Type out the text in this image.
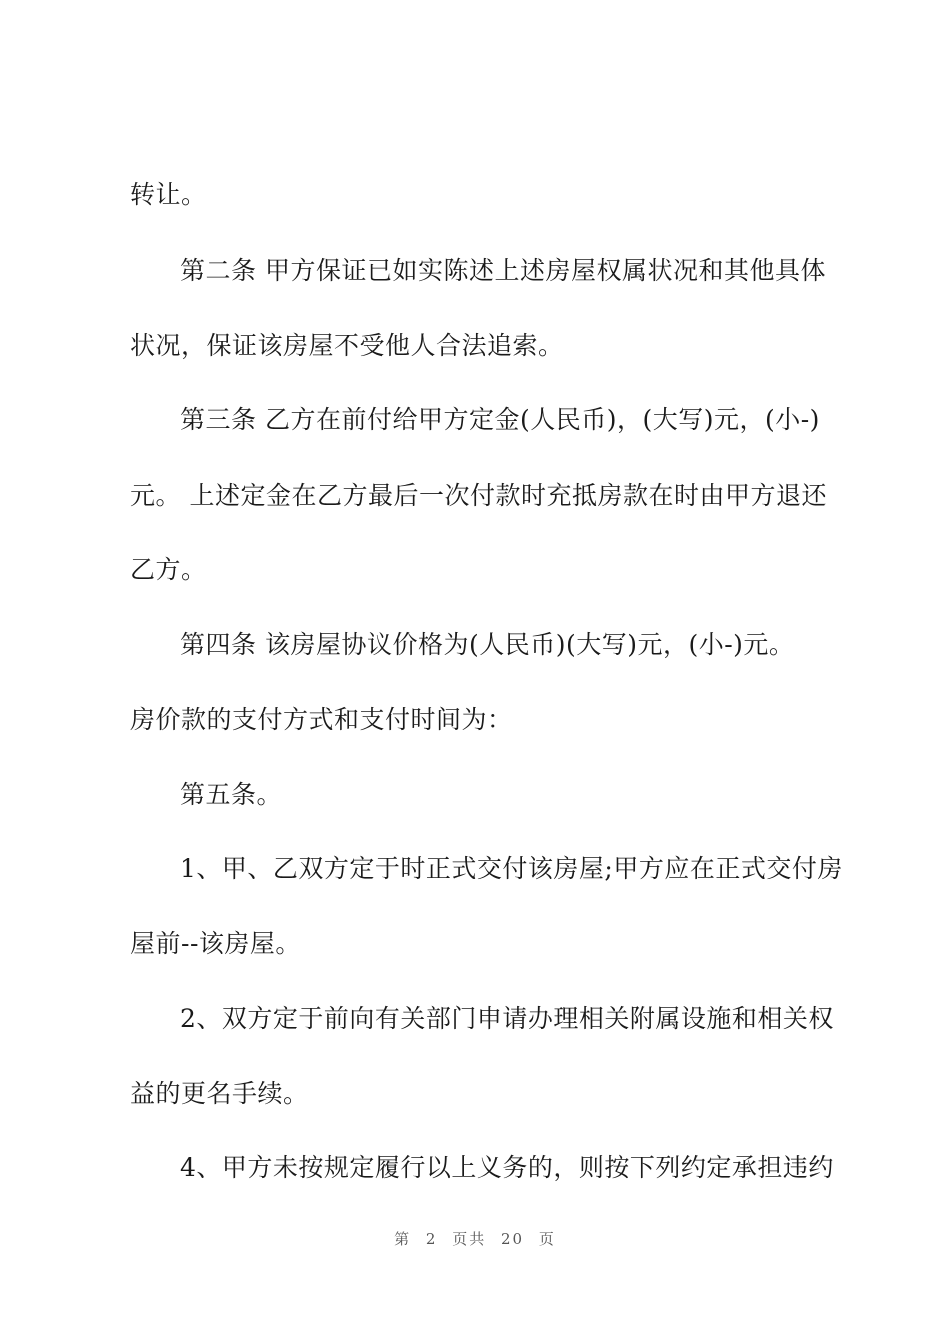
转让。
第二条 甲方保证已如实陈述上述房屋权属状况和其他具体
状况，保证该房屋不受他人合法追索。
第三条 乙方在前付给甲方定金(人民币)，(大写)元，(小-)
元。 上述定金在乙方最后一次付款时充抵房款在时由甲方退还
乙方。
第四条 该房屋协议价格为(人民币)(大写)元，(小-)元。
房价款的支付方式和支付时间为：
第五条。
1、甲、乙双方定于时正式交付该房屋;甲方应在正式交付房
屋前--该房屋。
2、双方定于前向有关部门申请办理相关附属设施和相关权
益的更名手续。
4、甲方未按规定履行以上义务的，则按下列约定承担违约
第 2 页共 20 页
